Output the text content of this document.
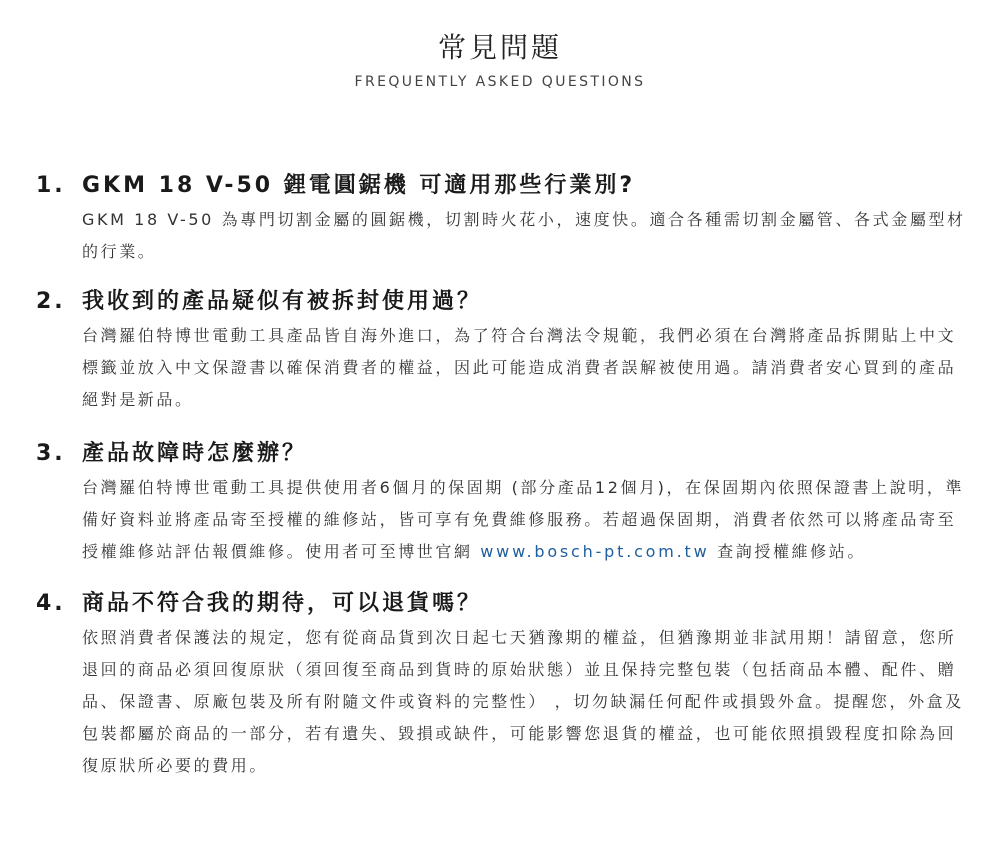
常見問題
FREQUENTLY ASKED QUESTIONS
1. GKM 18 V-50 鋰電圓鋸機 可適用那些行業別?

GKM 18 V-50 為專門切割金屬的圓鋸機，切割時火花小，速度快。適合各種需切割金屬管、各式金屬型材的行業。

2. 我收到的產品疑似有被拆封使用過？

台灣羅伯特博世電動工具產品皆自海外進口，為了符合台灣法令規範，我們必須在台灣將產品拆開貼上中文標籤並放入中文保證書以確保消費者的權益，因此可能造成消費者誤解被使用過。請消費者安心買到的產品絕對是新品。

3. 產品故障時怎麼辦？

台灣羅伯特博世電動工具提供使用者6個月的保固期 (部分產品12個月)，在保固期內依照保證書上說明，準備好資料並將產品寄至授權的維修站，皆可享有免費維修服務。若超過保固期，消費者依然可以將產品寄至授權維修站評估報價維修。使用者可至博世官網 www.bosch-pt.com.tw 查詢授權維修站。

4. 商品不符合我的期待，可以退貨嗎？

依照消費者保護法的規定，您有從商品貨到次日起七天猶豫期的權益，但猶豫期並非試用期！請留意，您所退回的商品必須回復原狀（須回復至商品到貨時的原始狀態）並且保持完整包裝（包括商品本體、配件、贈品、保證書、原廠包裝及所有附隨文件或資料的完整性） ，切勿缺漏任何配件或損毀外盒。提醒您，外盒及包裝都屬於商品的一部分，若有遺失、毀損或缺件，可能影響您退貨的權益，也可能依照損毀程度扣除為回復原狀所必要的費用。
